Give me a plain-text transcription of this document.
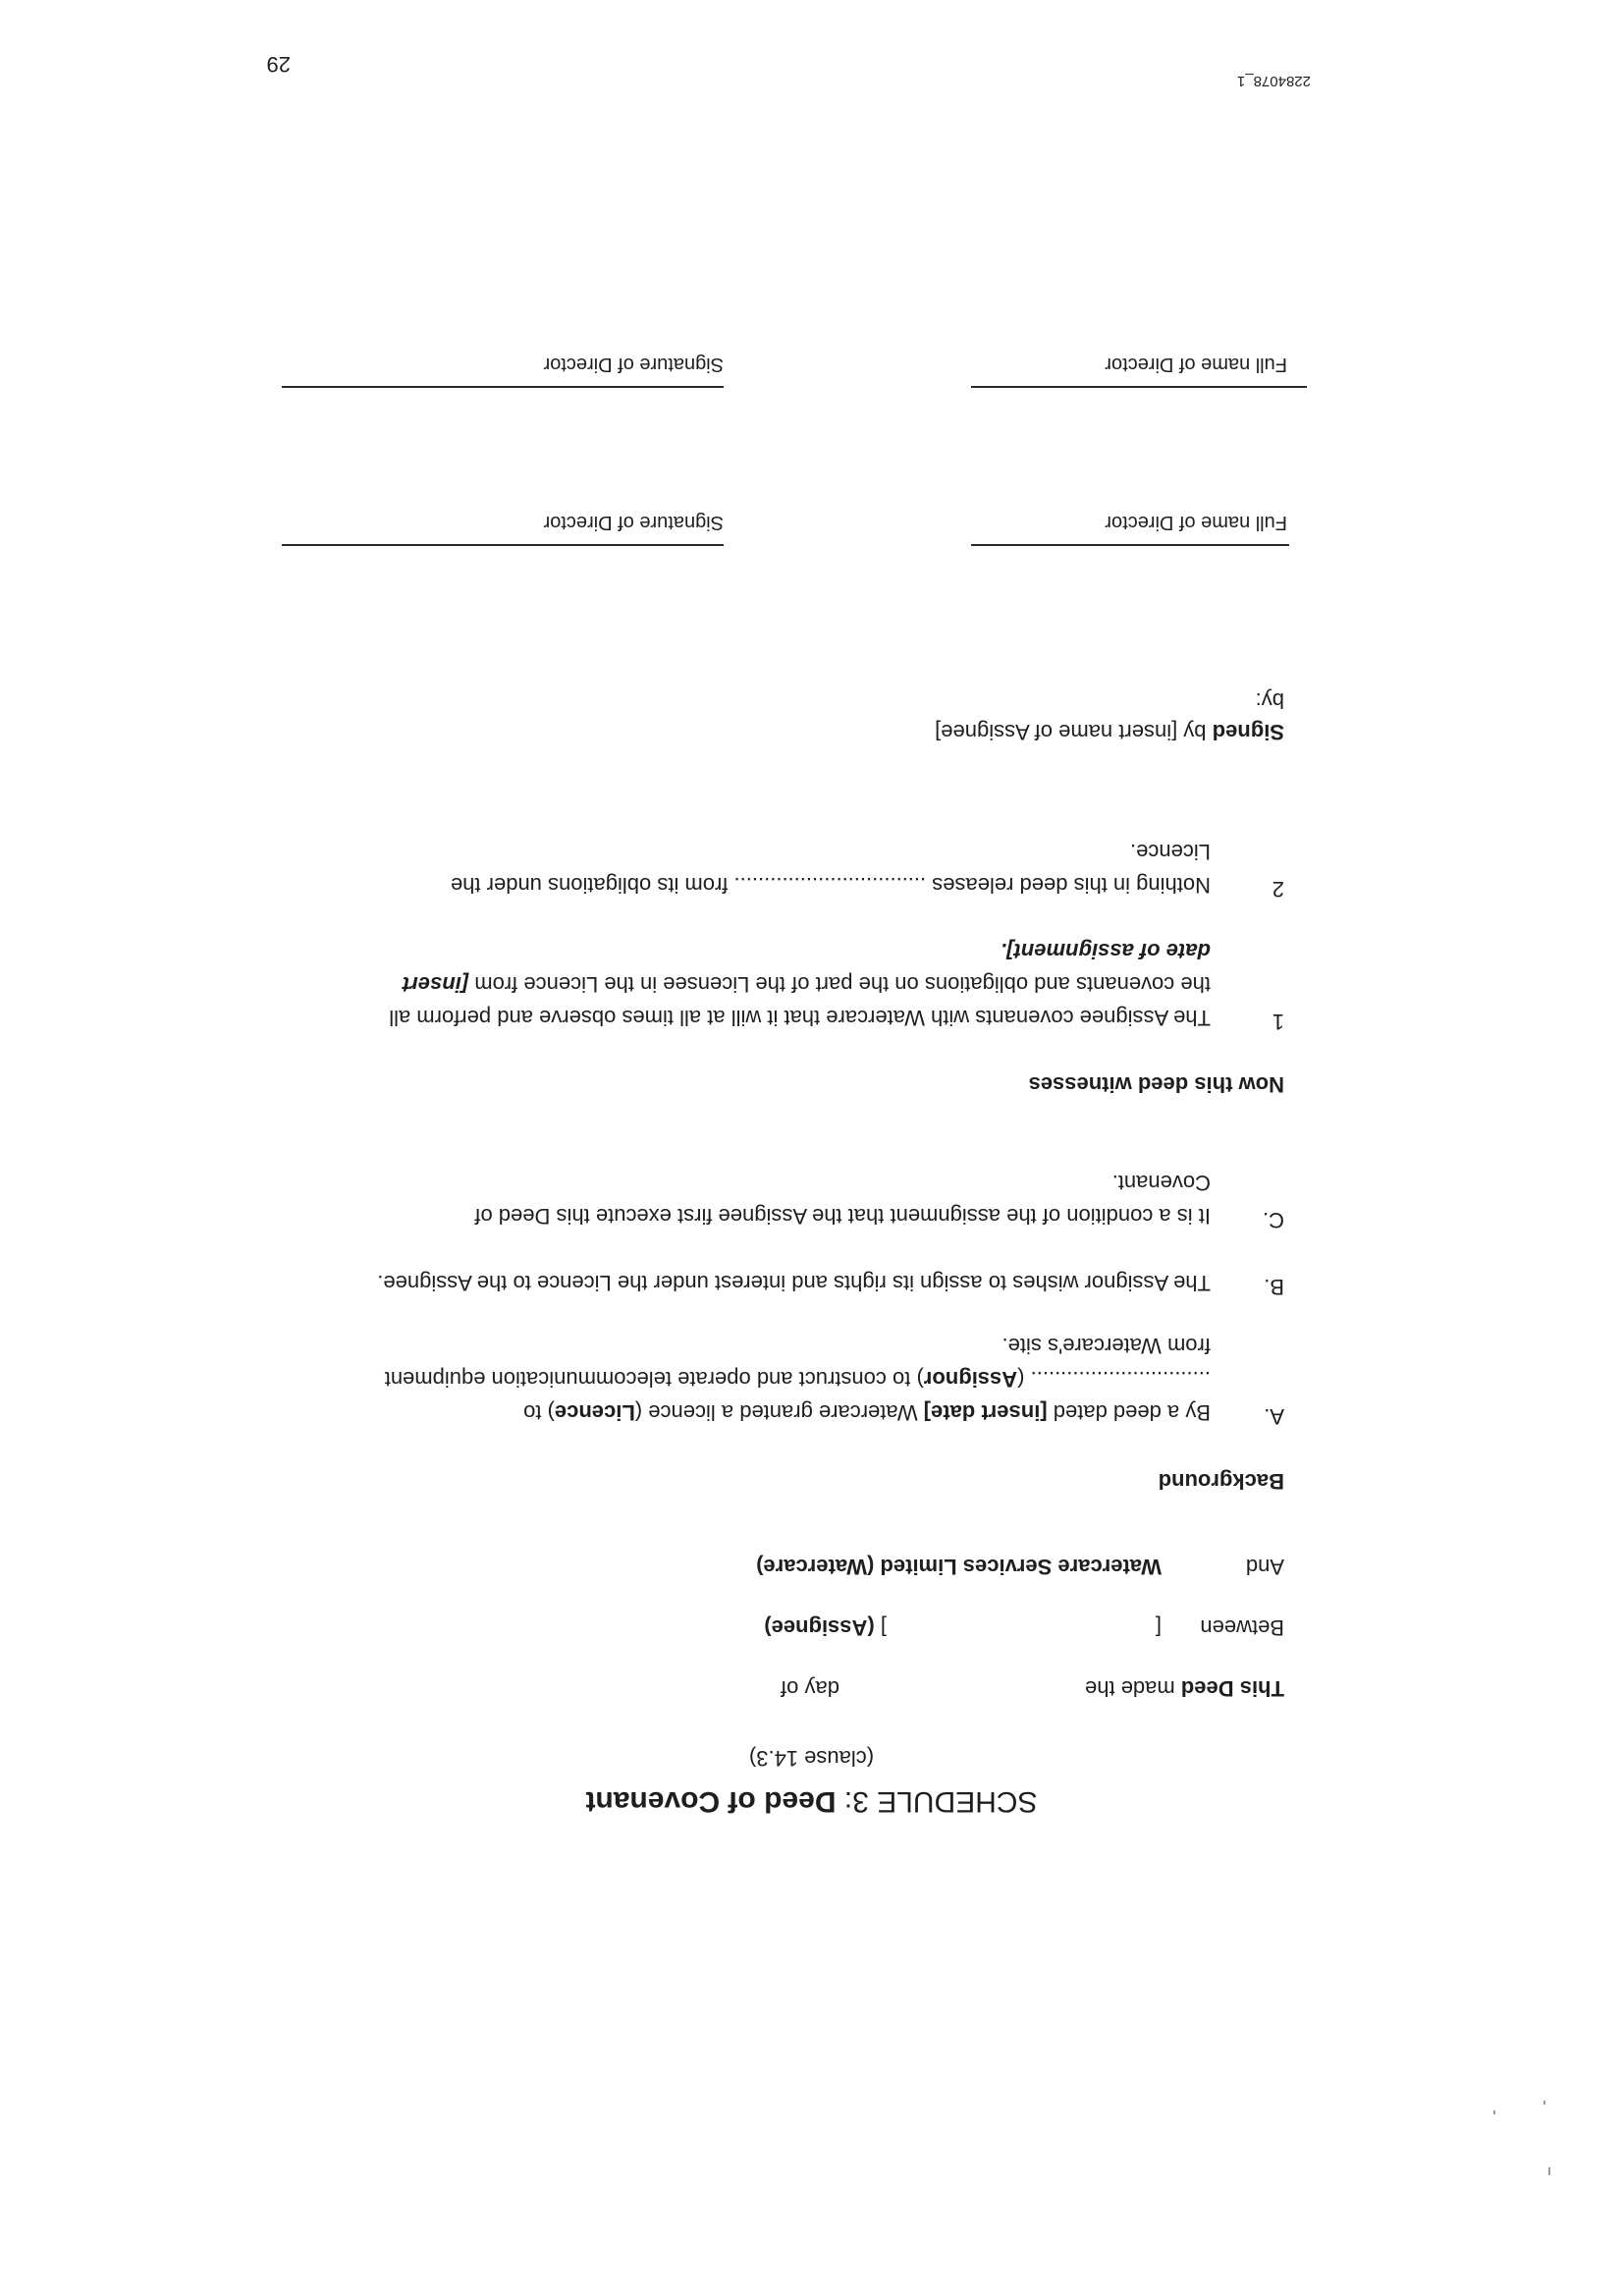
SCHEDULE 3: Deed of Covenant
(clause 14.3)
This Deed made the
day of
Between
[
] (Assignee)
And
Watercare Services Limited (Watercare)
Background
A.
By a deed dated [insert date] Watercare granted a licence (Licence) to
.............................. (Assignor) to construct and operate telecommunication equipment
from Watercare's site.
B.
The Assignor wishes to assign its rights and interest under the Licence to the Assignee.
C.
It is a condition of the assignment that the Assignee first execute this Deed of
Covenant.
Now this deed witnesses
1
The Assignee covenants with Watercare that it will at all times observe and perform all
the covenants and obligations on the part of the Licensee in the Licence from [insert
date of assignment].
2
Nothing in this deed releases ................................ from its obligations under the
Licence.
Signed by [insert name of Assignee]
by:
Signature of Director	Full name of Director
Signature of Director	Full name of Director
2284078_1
29
